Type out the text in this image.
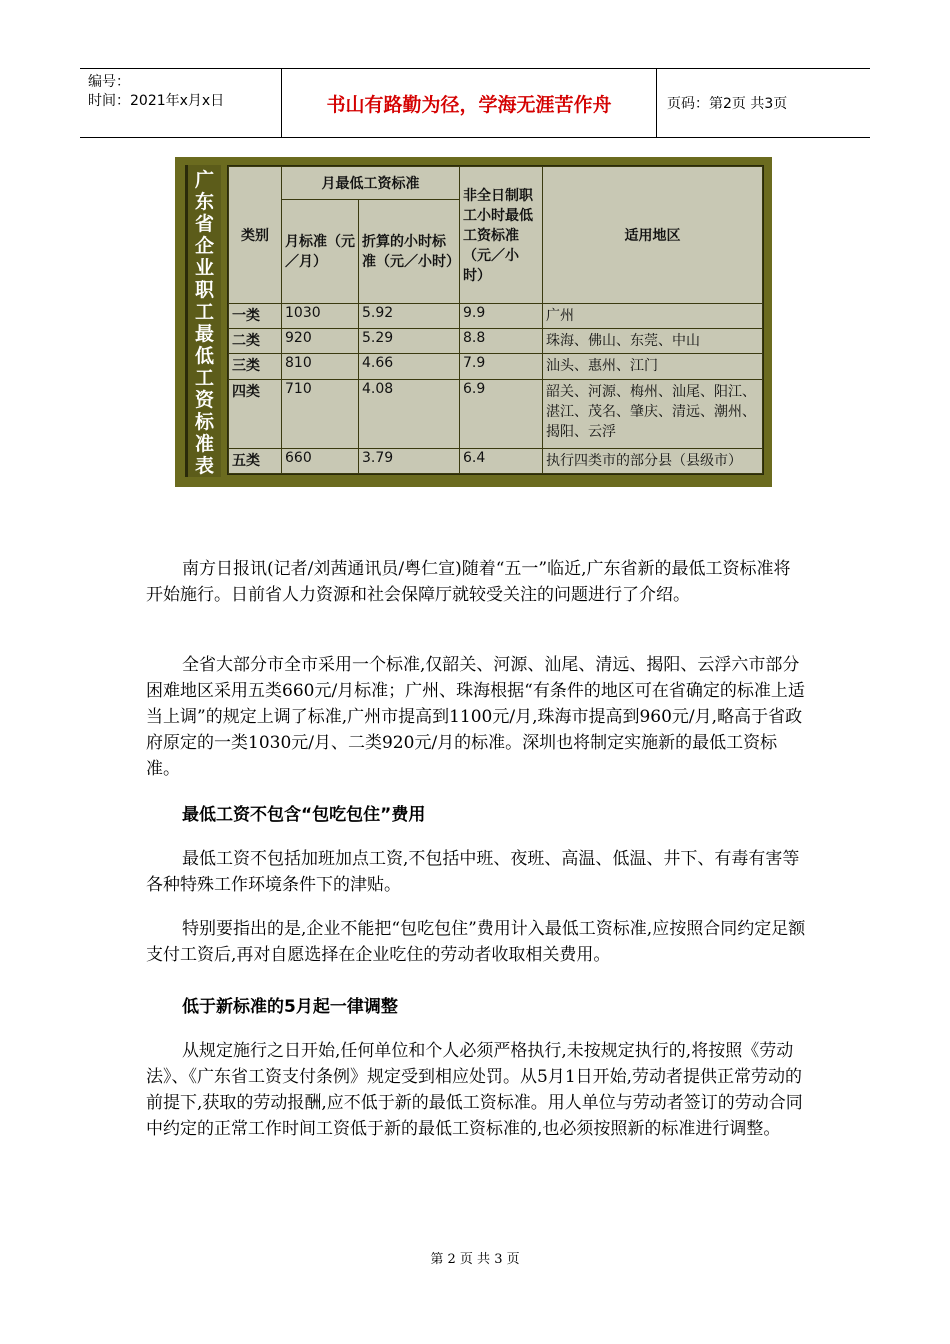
编号：
时间：2021年x月x日	书山有路勤为径，学海无涯苦作舟	页码：第2页 共3页
广
东
省
企
业
职
工
最
低
工
资
标
准
表
类别	月最低工资标准		非全日制职工小时最低工资标准（元／小时）	适用地区
	月标准（元／月）	折算的小时标准（元／小时）		
一类	1030	5.92	9.9	广州
二类	920	5.29	8.8	珠海、佛山、东莞、中山
三类	810	4.66	7.9	汕头、惠州、江门
四类	710	4.08	6.9	韶关、河源、梅州、汕尾、阳江、湛江、茂名、肇庆、清远、潮州、揭阳、云浮
五类	660	3.79	6.4	执行四类市的部分县（县级市）

南方日报讯(记者/刘茜通讯员/粤仁宣)随着“五一”临近,广东省新的最低工资标准将开始施行。日前省人力资源和社会保障厅就较受关注的问题进行了介绍。

全省大部分市全市采用一个标准,仅韶关、河源、汕尾、清远、揭阳、云浮六市部分困难地区采用五类660元/月标准；广州、珠海根据“有条件的地区可在省确定的标准上适当上调”的规定上调了标准,广州市提高到1100元/月,珠海市提高到960元/月,略高于省政府原定的一类1030元/月、二类920元/月的标准。深圳也将制定实施新的最低工资标准。

最低工资不包含“包吃包住”费用

最低工资不包括加班加点工资,不包括中班、夜班、高温、低温、井下、有毒有害等各种特殊工作环境条件下的津贴。

特别要指出的是,企业不能把“包吃包住”费用计入最低工资标准,应按照合同约定足额支付工资后,再对自愿选择在企业吃住的劳动者收取相关费用。

低于新标准的5月起一律调整

从规定施行之日开始,任何单位和个人必须严格执行,未按规定执行的,将按照《劳动法》、《广东省工资支付条例》规定受到相应处罚。从5月1日开始,劳动者提供正常劳动的前提下,获取的劳动报酬,应不低于新的最低工资标准。用人单位与劳动者签订的劳动合同中约定的正常工作时间工资低于新的最低工资标准的,也必须按照新的标准进行调整。

第 2 页 共 3 页
